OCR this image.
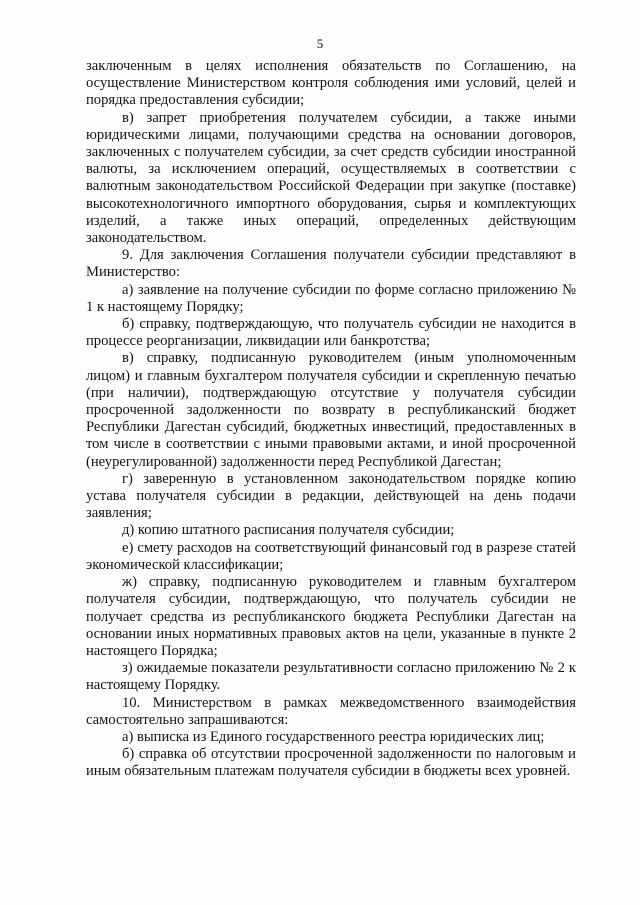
5

заключенным в целях исполнения обязательств по Соглашению, на осуществление Министерством контроля соблюдения ими условий, целей и порядка предоставления субсидии;

в) запрет приобретения получателем субсидии, а также иными юридическими лицами, получающими средства на основании договоров, заключенных с получателем субсидии, за счет средств субсидии иностранной валюты, за исключением операций, осуществляемых в соответствии с валютным законодательством Российской Федерации при закупке (поставке) высокотехнологичного импортного оборудования, сырья и комплектующих изделий, а также иных операций, определенных действующим законодательством.

9. Для заключения Соглашения получатели субсидии представляют в Министерство:

а) заявление на получение субсидии по форме согласно приложению № 1 к настоящему Порядку;

б) справку, подтверждающую, что получатель субсидии не находится в процессе реорганизации, ликвидации или банкротства;

в) справку, подписанную руководителем (иным уполномоченным лицом) и главным бухгалтером получателя субсидии и скрепленную печатью (при наличии), подтверждающую отсутствие у получателя субсидии просроченной задолженности по возврату в республиканский бюджет Республики Дагестан субсидий, бюджетных инвестиций, предоставленных в том числе в соответствии с иными правовыми актами, и иной просроченной (неурегулированной) задолженности перед Республикой Дагестан;

г) заверенную в установленном законодательством порядке копию устава получателя субсидии в редакции, действующей на день подачи заявления;

д) копию штатного расписания получателя субсидии;

е) смету расходов на соответствующий финансовый год в разрезе статей экономической классификации;

ж) справку, подписанную руководителем и главным бухгалтером получателя субсидии, подтверждающую, что получатель субсидии не получает средства из республиканского бюджета Республики Дагестан на основании иных нормативных правовых актов на цели, указанные в пункте 2 настоящего Порядка;

з) ожидаемые показатели результативности согласно приложению № 2 к настоящему Порядку.

10. Министерством в рамках межведомственного взаимодействия самостоятельно запрашиваются:

а) выписка из Единого государственного реестра юридических лиц;

б) справка об отсутствии просроченной задолженности по налоговым и иным обязательным платежам получателя субсидии в бюджеты всех уровней.
